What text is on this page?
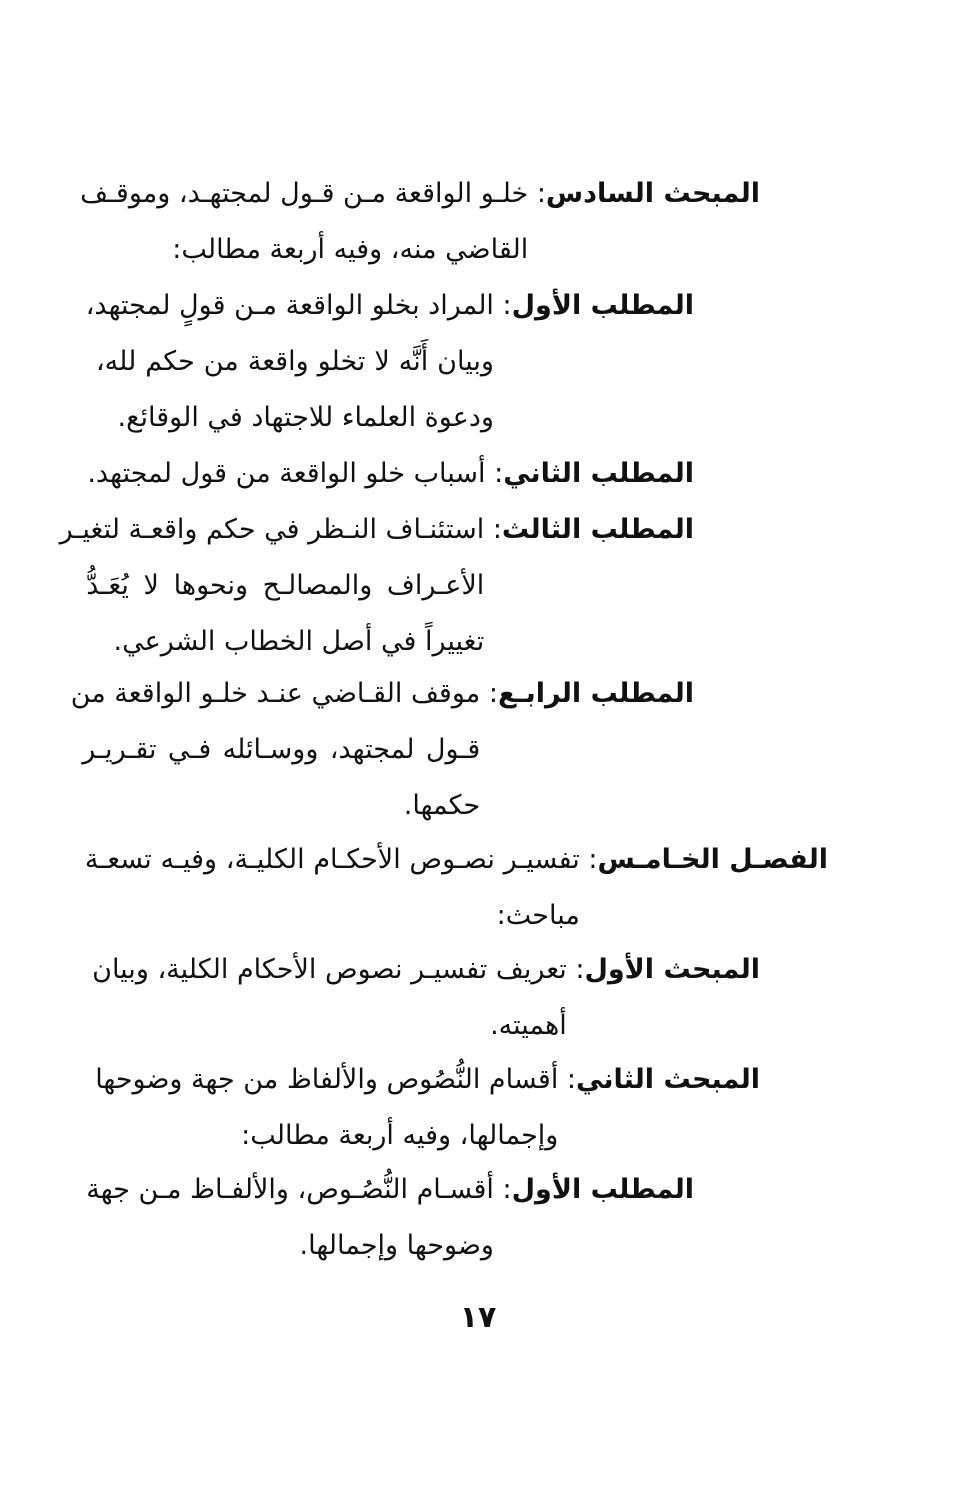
المبحث السادس
:
خلـو الواقعة مـن قـول لمجتهـد، وموقـف
القاضي منه، وفيه أربعة مطالب:
المطلب الأول
:
المراد بخلو الواقعة مـن قولٍ لمجتهد،
وبيان أَنَّه لا تخلو واقعة من حكم لله،
ودعوة العلماء للاجتهاد في الوقائع.
المطلب الثاني
:
أسباب خلو الواقعة من قول لمجتهد.
المطلب الثالث
:
استئنـاف النـظر في حكم واقعـة لتغيـر
الأعـراف والمصالـح ونحوها لا يُعَـدُّ
تغييراً في أصل الخطاب الشرعي.
المطلب الرابـع
:
موقف القـاضي عنـد خلـو الواقعة من
قـول لمجتهد، ووسـائله فـي تقـريـر
حكمها.
الفصـل الخـامـس
:
تفسيـر نصـوص الأحكـام الكليـة، وفيـه تسعـة
مباحث:
المبحث الأول
:
تعريف تفسيـر نصوص الأحكام الكلية، وبيان
أهميته.
المبحث الثاني
:
أقسام النُّصُوص والألفاظ من جهة وضوحها
وإجمالها، وفيه أربعة مطالب:
المطلب الأول
:
أقسـام النُّصُـوص، والألفـاظ مـن جهة
وضوحها وإجمالها.
١٧
